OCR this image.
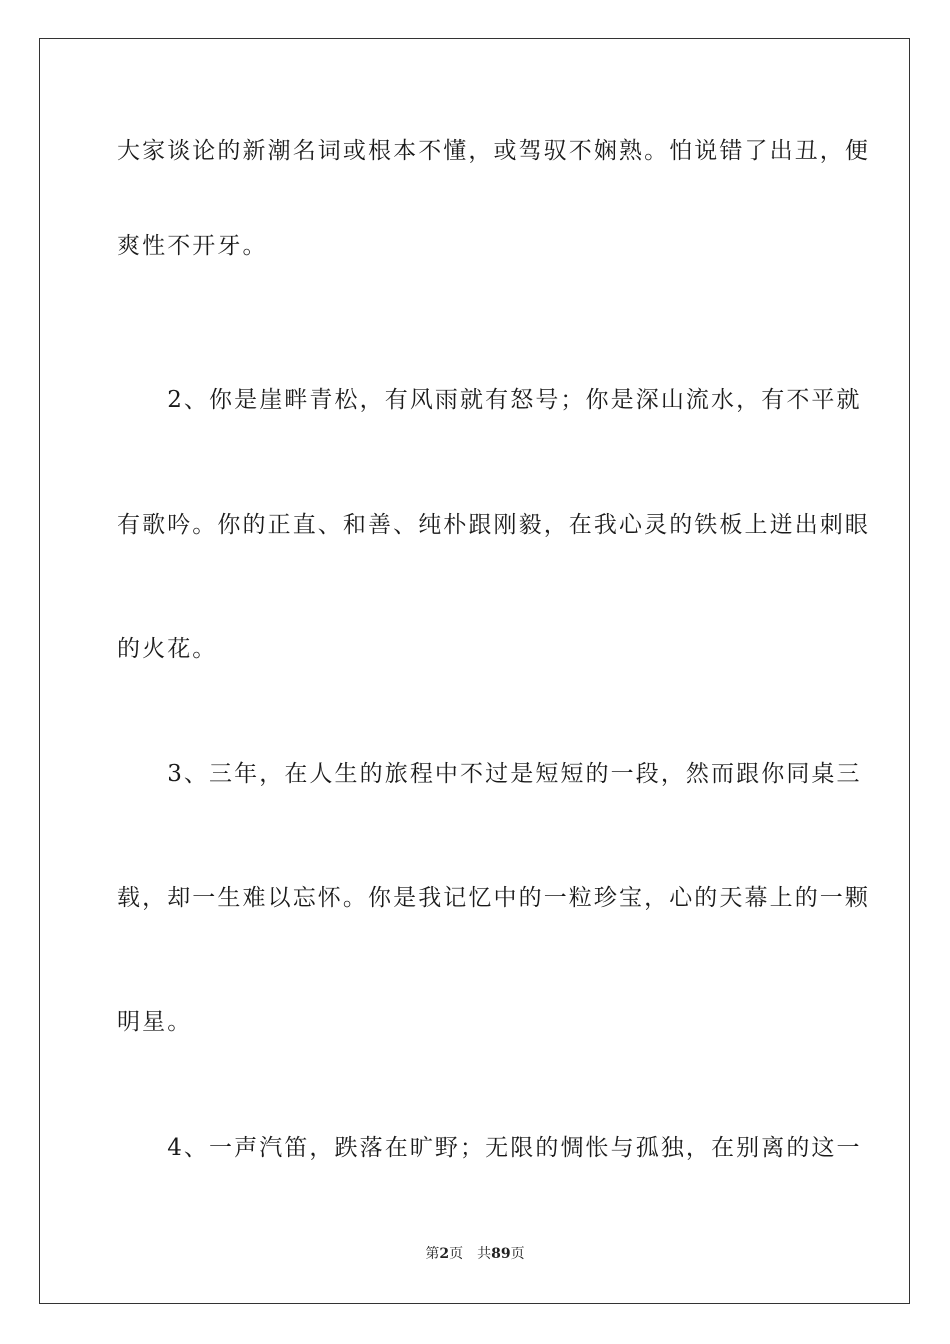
大家谈论的新潮名词或根本不懂，或驾驭不娴熟。怕说错了出丑，便
爽性不开牙。
　　2、你是崖畔青松，有风雨就有怒号；你是深山流水，有不平就
有歌吟。你的正直、和善、纯朴跟刚毅，在我心灵的铁板上迸出刺眼
的火花。
　　3、三年，在人生的旅程中不过是短短的一段，然而跟你同桌三
载，却一生难以忘怀。你是我记忆中的一粒珍宝，心的天幕上的一颗
明星。
　　4、一声汽笛，跌落在旷野；无限的惆怅与孤独，在别离的这一
第2页 共89页
